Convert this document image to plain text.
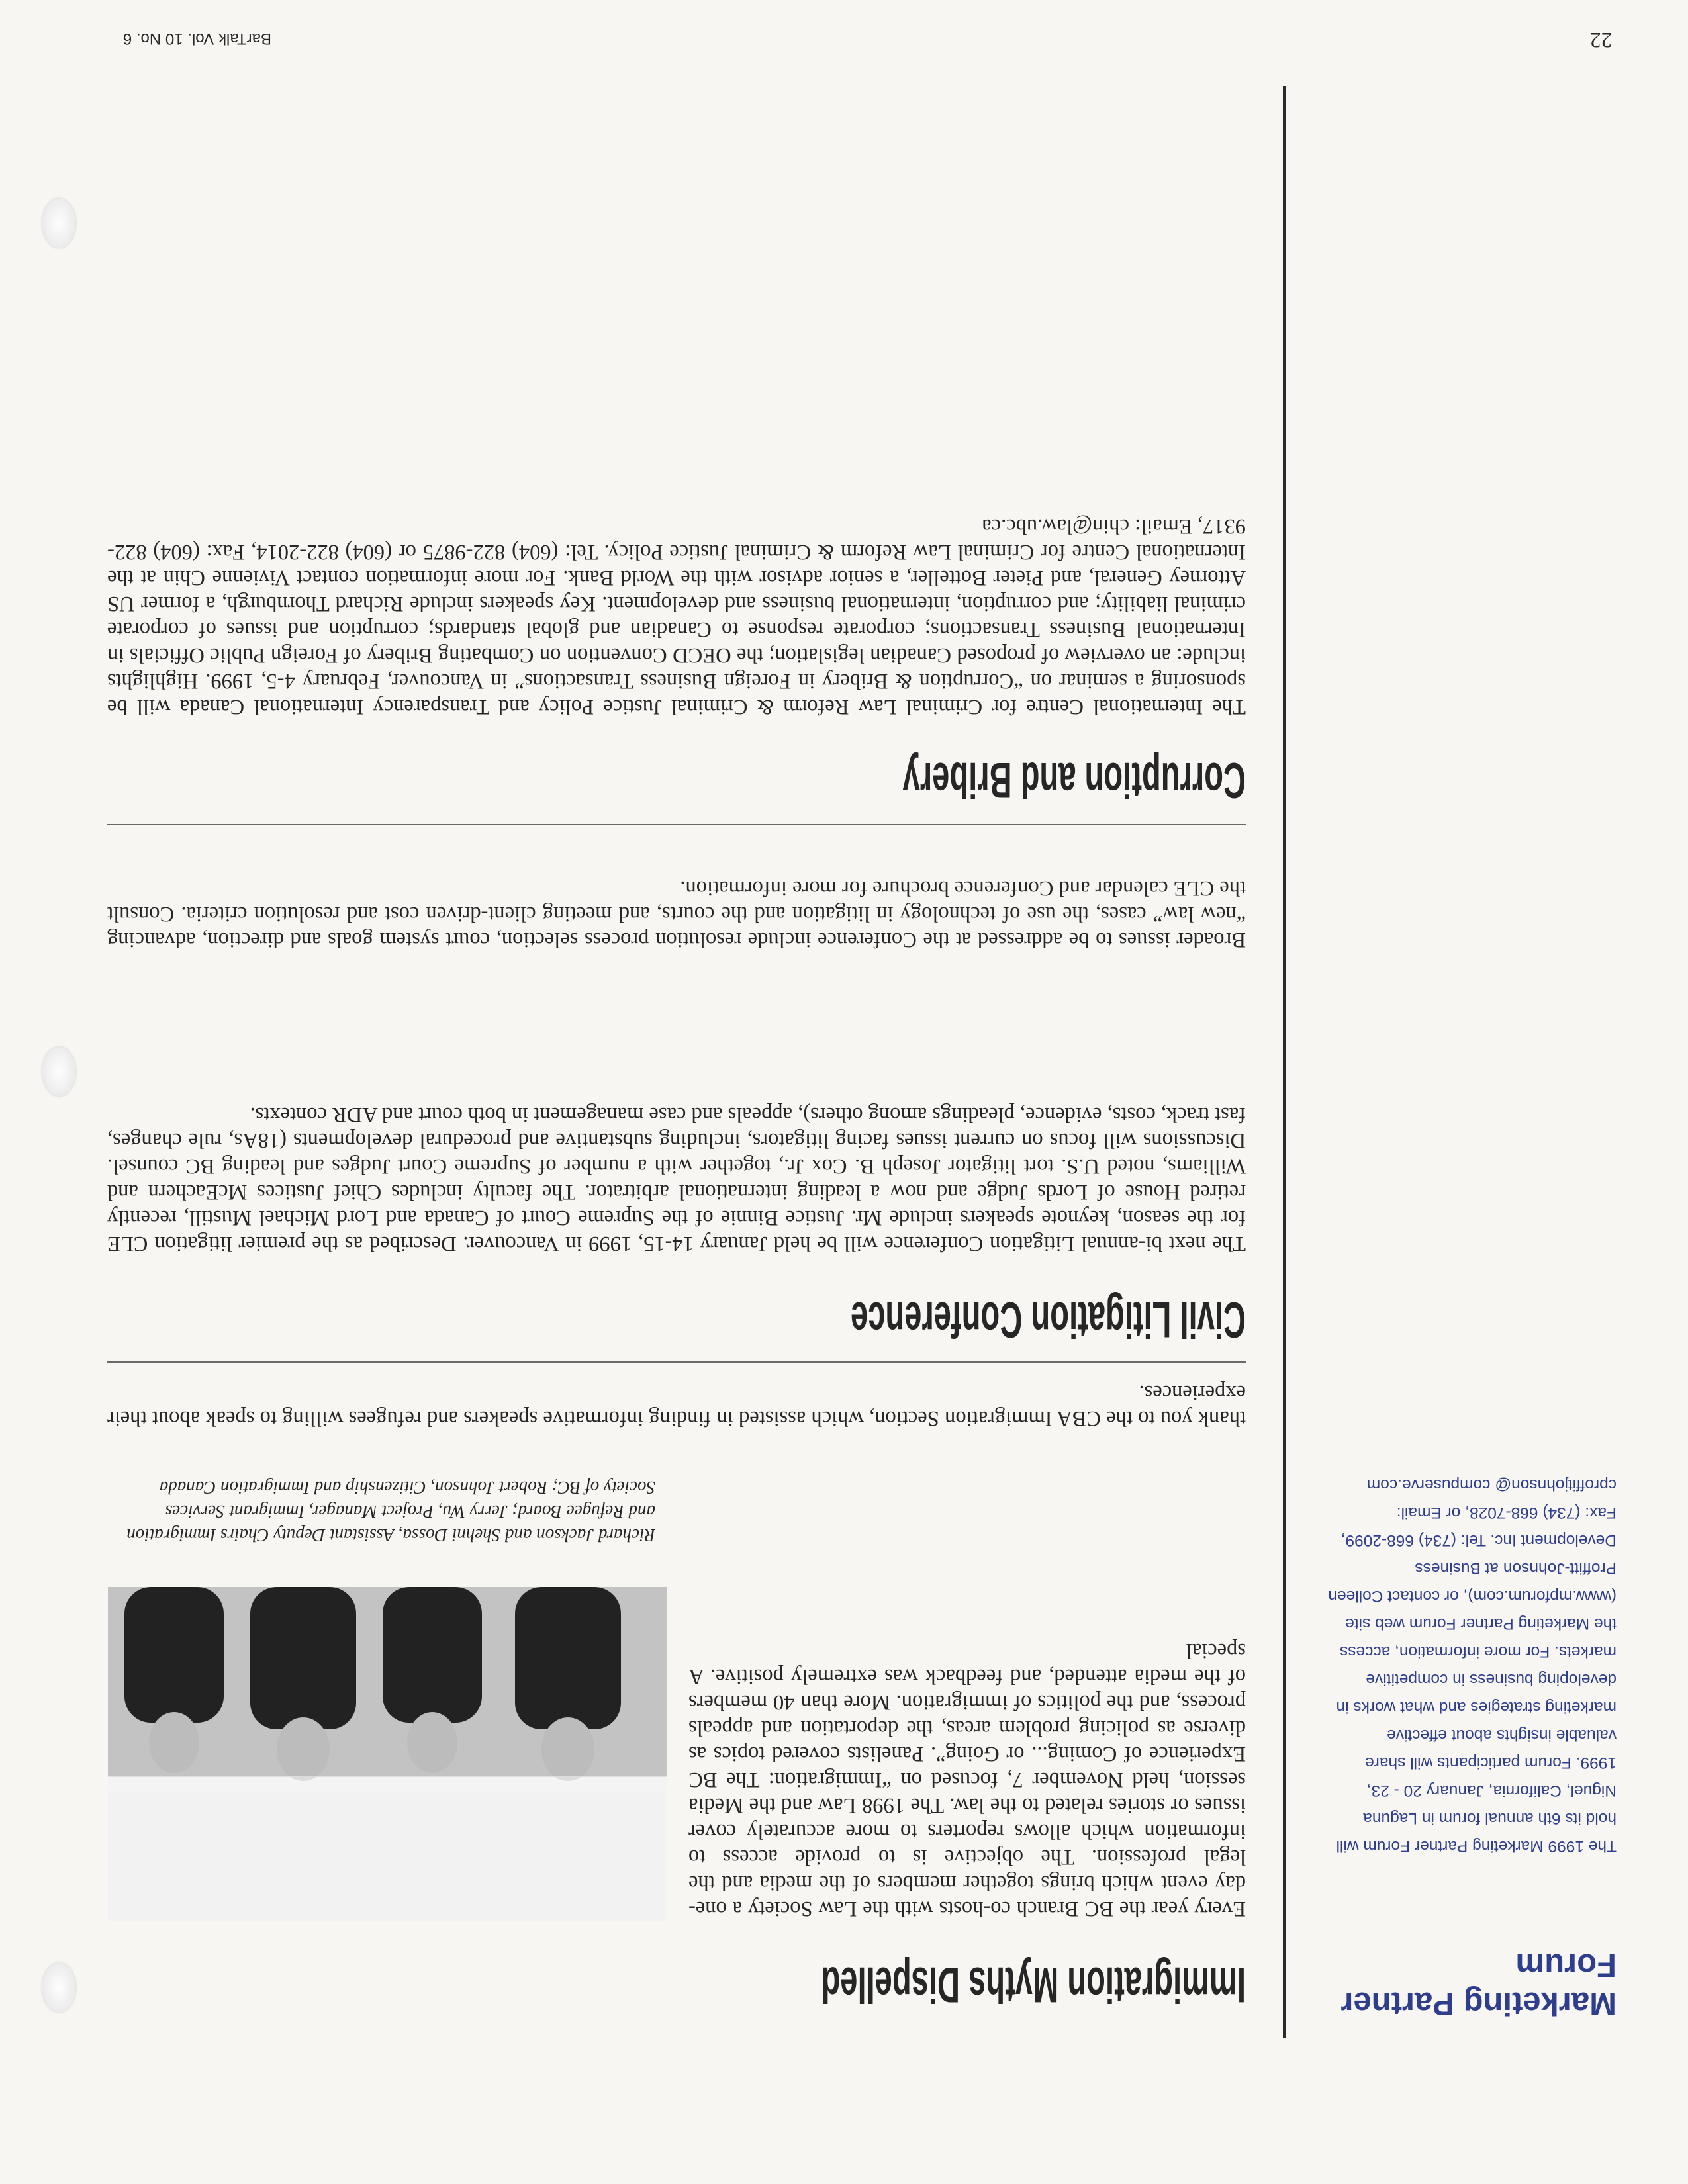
Marketing Partner Forum

The 1999 Marketing Partner Forum will hold its 6th annual forum in Laguna Niguel, California, January 20 - 23, 1999. Forum participants will share valuable insights about effective marketing strategies and what works in developing business in competitive markets. For more information, access the Marketing Partner Forum web site (www.mpforum.com), or contact Colleen Proffitt-Johnson at Business Development Inc. Tel: (734) 668-2099, Fax: (734) 668-7028, or Email: cproffitjohnson@ compuserve.com

Immigration Myths Dispelled

Every year the BC Branch co-hosts with the Law Society a one-day event which brings together members of the media and the legal profession. The objective is to provide access to information which allows reporters to more accurately cover issues or stories related to the law. The 1998 Law and the Media session, held November 7, focused on “Immigration: The BC Experience of Coming... or Going”. Panelists covered topics as diverse as policing problem areas, the deportation and appeals process, and the politics of immigration. More than 40 members of the media attended, and feedback was extremely positive. A special

Richard Jackson and Shehni Dossa, Assistant Deputy Chairs Immigration and Refugee Board; Jerry Wu, Project Manager, Immigrant Services Society of BC; Robert Johnson, Citizenship and Immigration Canada

thank you to the CBA Immigration Section, which assisted in finding informative speakers and refugees willing to speak about their experiences.

Civil Litigation Conference

The next bi-annual Litigation Conference will be held January 14-15, 1999 in Vancouver. Described as the premier litigation CLE for the season, keynote speakers include Mr. Justice Binnie of the Supreme Court of Canada and Lord Michael Mustill, recently retired House of Lords Judge and now a leading international arbitrator. The faculty includes Chief Justices McEachern and Williams, noted U.S. tort litigator Joseph B. Cox Jr., together with a number of Supreme Court Judges and leading BC counsel. Discussions will focus on current issues facing litigators, including substantive and procedural developments (18As, rule changes, fast track, costs, evidence, pleadings among others), appeals and case management in both court and ADR contexts.

Broader issues to be addressed at the Conference include resolution process selection, court system goals and direction, advancing “new law” cases, the use of technology in litigation and the courts, and meeting client-driven cost and resolution criteria. Consult the CLE calendar and Conference brochure for more information.

Corruption and Bribery

The International Centre for Criminal Law Reform & Criminal Justice Policy and Transparency International Canada will be sponsoring a seminar on “Corruption & Bribery in Foreign Business Transactions” in Vancouver, February 4-5, 1999. Highlights include: an overview of proposed Canadian legislation; the OECD Convention on Combating Bribery of Foreign Public Officials in International Business Transactions; corporate response to Canadian and global standards; corruption and issues of corporate criminal liability; and corruption, international business and development. Key speakers include Richard Thornburgh, a former US Attorney General, and Pieter Botteller, a senior advisor with the World Bank. For more information contact Vivienne Chin at the International Centre for Criminal Law Reform & Criminal Justice Policy. Tel: (604) 822-9875 or (604) 822-2014, Fax: (604) 822-9317, Email: chin@law.ubc.ca

22
BarTalk Vol. 10 No. 6
